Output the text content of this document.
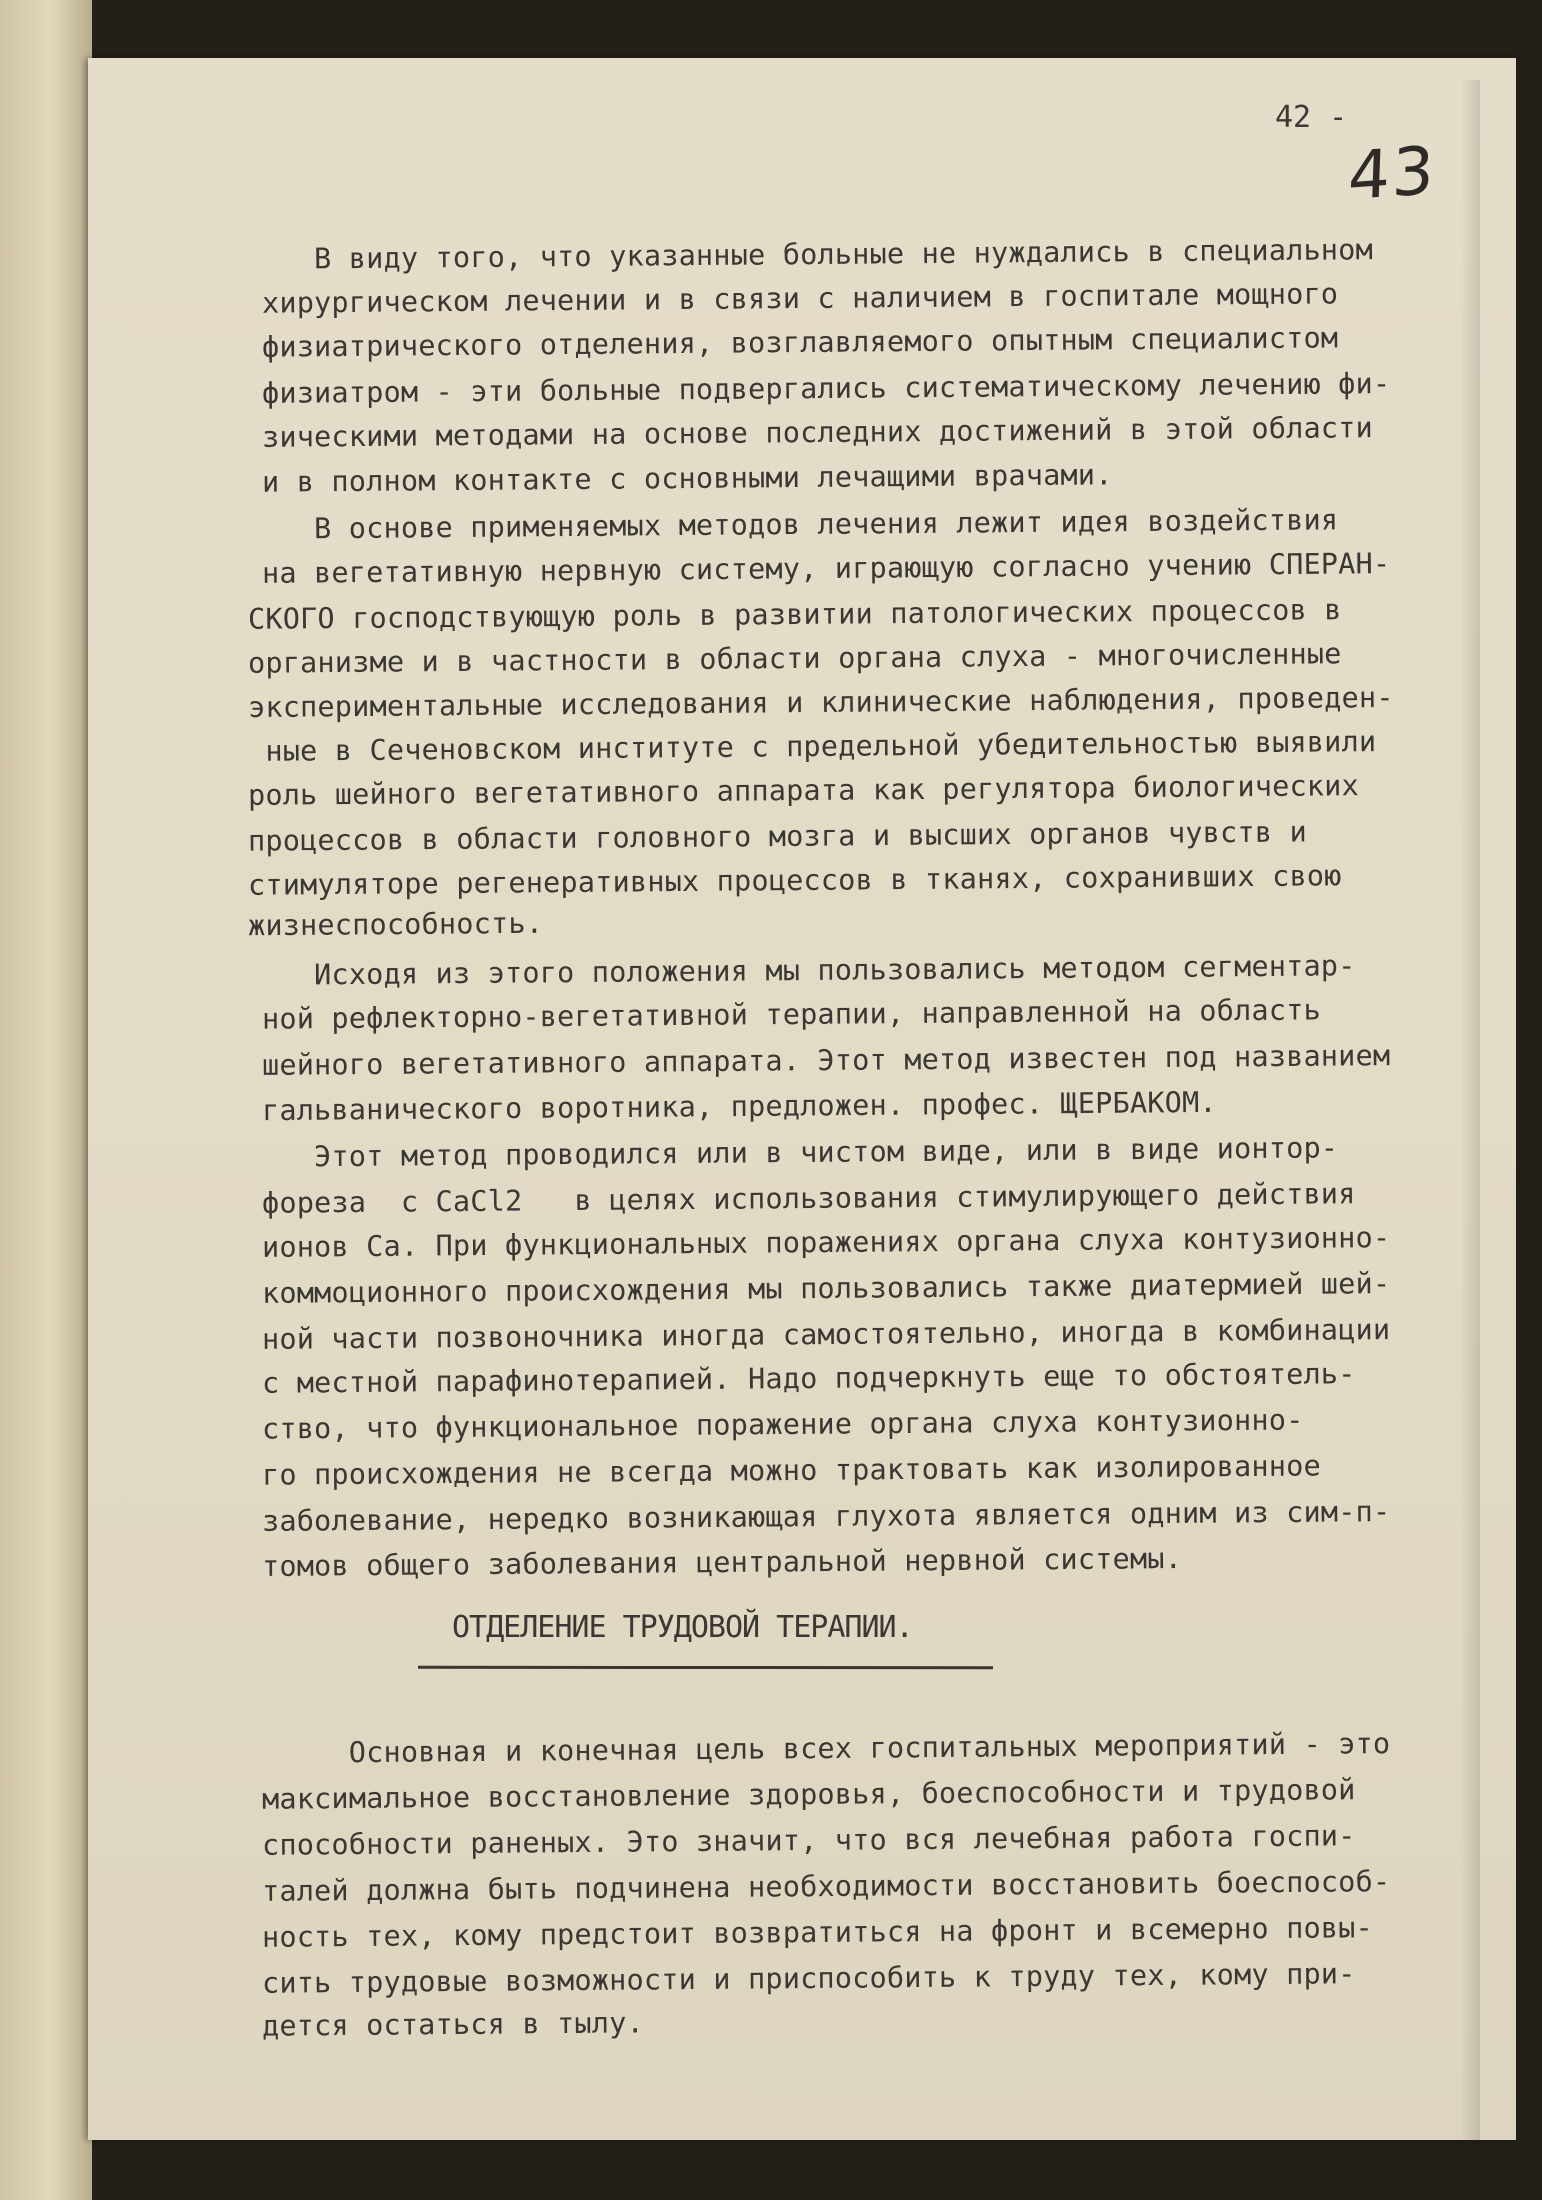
42 -
43
В виду того, что указанные больные не нуждались в специальном
хирургическом лечении и в связи с наличием в госпитале мощного
физиатрического отделения, возглавляемого опытным специалистом
физиатром - эти больные подвергались систематическому лечению фи-
зическими методами на основе последних достижений в этой области
и в полном контакте с основными лечащими врачами.
В основе применяемых методов лечения лежит идея воздействия
на вегетативную нервную систему, играющую согласно учению СПЕРАН-
СКОГО господствующую роль в развитии патологических процессов в
организме и в частности в области органа слуха - многочисленные
экспериментальные исследования и клинические наблюдения, проведен-
ные в Сеченовском институте с предельной убедительностью выявили
роль шейного вегетативного аппарата как регулятора биологических
процессов в области головного мозга и высших органов чувств и
стимуляторе регенеративных процессов в тканях, сохранивших свою
жизнеспособность.
Исходя из этого положения мы пользовались методом сегментар-
ной рефлекторно-вегетативной терапии, направленной на область
шейного вегетативного аппарата. Этот метод известен под названием
гальванического воротника, предложен. профес. ЩЕРБАКОМ.
Этот метод проводился или в чистом виде, или в виде ионтор-
фореза  с CaCl2   в целях использования стимулирующего действия
ионов Ca. При функциональных поражениях органа слуха контузионно-
коммоционного происхождения мы пользовались также диатермией шей-
ной части позвоночника иногда самостоятельно, иногда в комбинации
с местной парафинотерапией. Надо подчеркнуть еще то обстоятель-
ство, что функциональное поражение органа слуха контузионно-
го происхождения не всегда можно трактовать как изолированное
заболевание, нередко возникающая глухота является одним из сим-п-
томов общего заболевания центральной нервной системы.
ОТДЕЛЕНИЕ ТРУДОВОЙ ТЕРАПИИ.
Основная и конечная цель всех госпитальных мероприятий - это
максимальное восстановление здоровья, боеспособности и трудовой
способности раненых. Это значит, что вся лечебная работа госпи-
талей должна быть подчинена необходимости восстановить боеспособ-
ность тех, кому предстоит возвратиться на фронт и всемерно повы-
сить трудовые возможности и приспособить к труду тех, кому при-
дется остаться в тылу.
